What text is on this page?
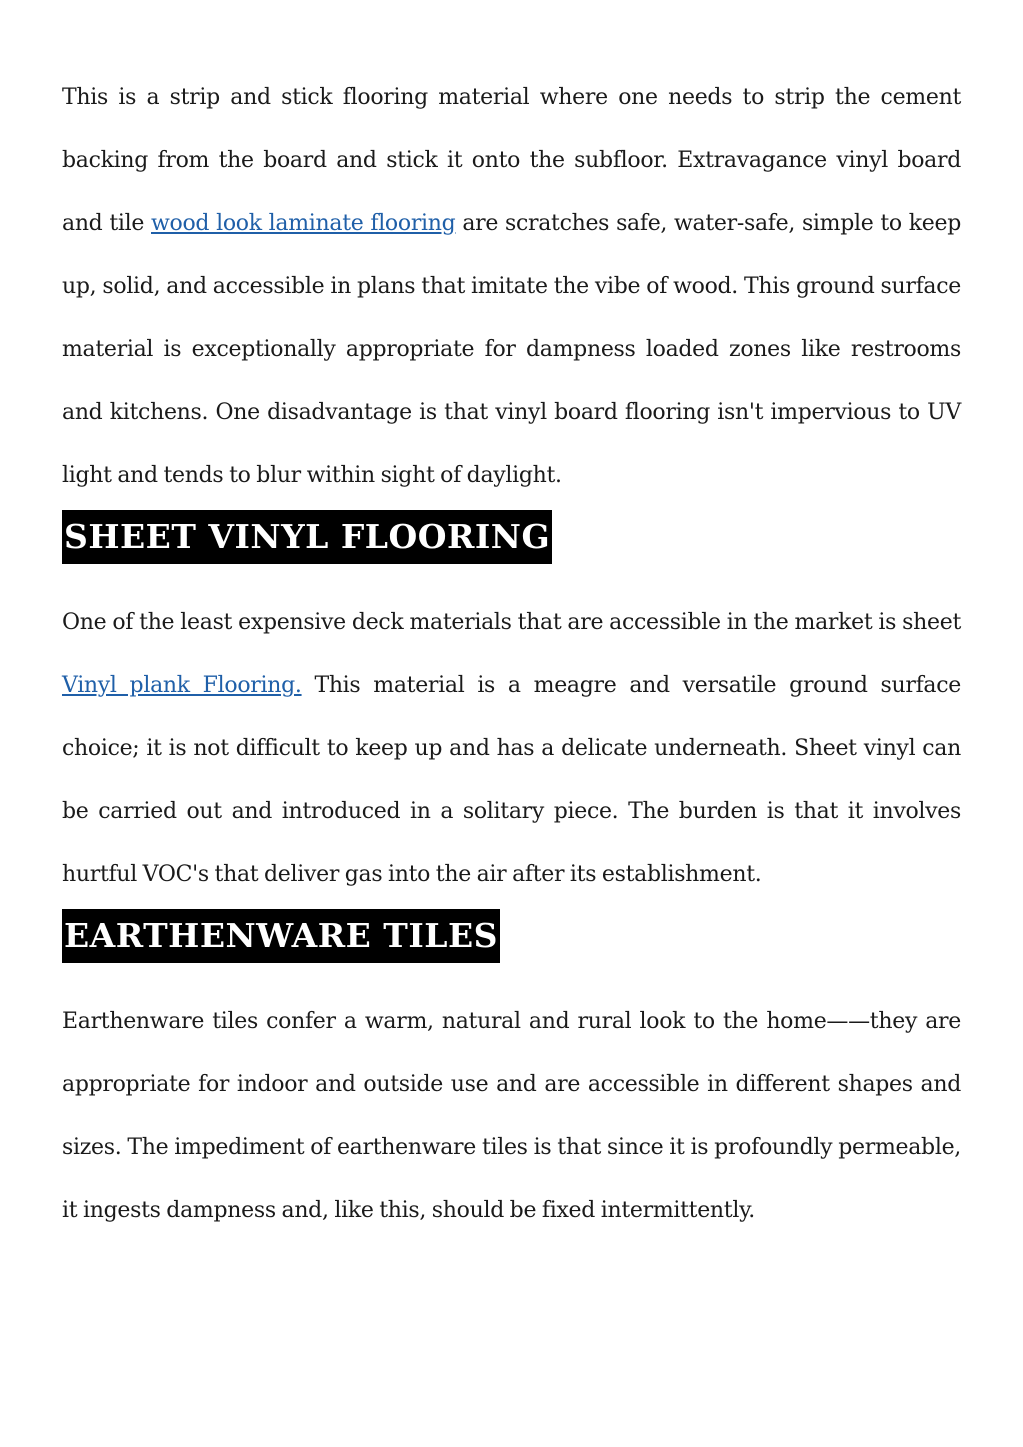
This is a strip and stick flooring material where one needs to strip the cement backing from the board and stick it onto the subfloor. Extravagance vinyl board and tile wood look laminate flooring are scratches safe, water-safe, simple to keep up, solid, and accessible in plans that imitate the vibe of wood. This ground surface material is exceptionally appropriate for dampness loaded zones like restrooms and kitchens. One disadvantage is that vinyl board flooring isn't impervious to UV light and tends to blur within sight of daylight.

SHEET VINYL FLOORING

One of the least expensive deck materials that are accessible in the market is sheet Vinyl plank Flooring. This material is a meagre and versatile ground surface choice; it is not difficult to keep up and has a delicate underneath. Sheet vinyl can be carried out and introduced in a solitary piece. The burden is that it involves hurtful VOC's that deliver gas into the air after its establishment.

EARTHENWARE TILES

Earthenware tiles confer a warm, natural and rural look to the home——they are appropriate for indoor and outside use and are accessible in different shapes and sizes. The impediment of earthenware tiles is that since it is profoundly permeable, it ingests dampness and, like this, should be fixed intermittently.
